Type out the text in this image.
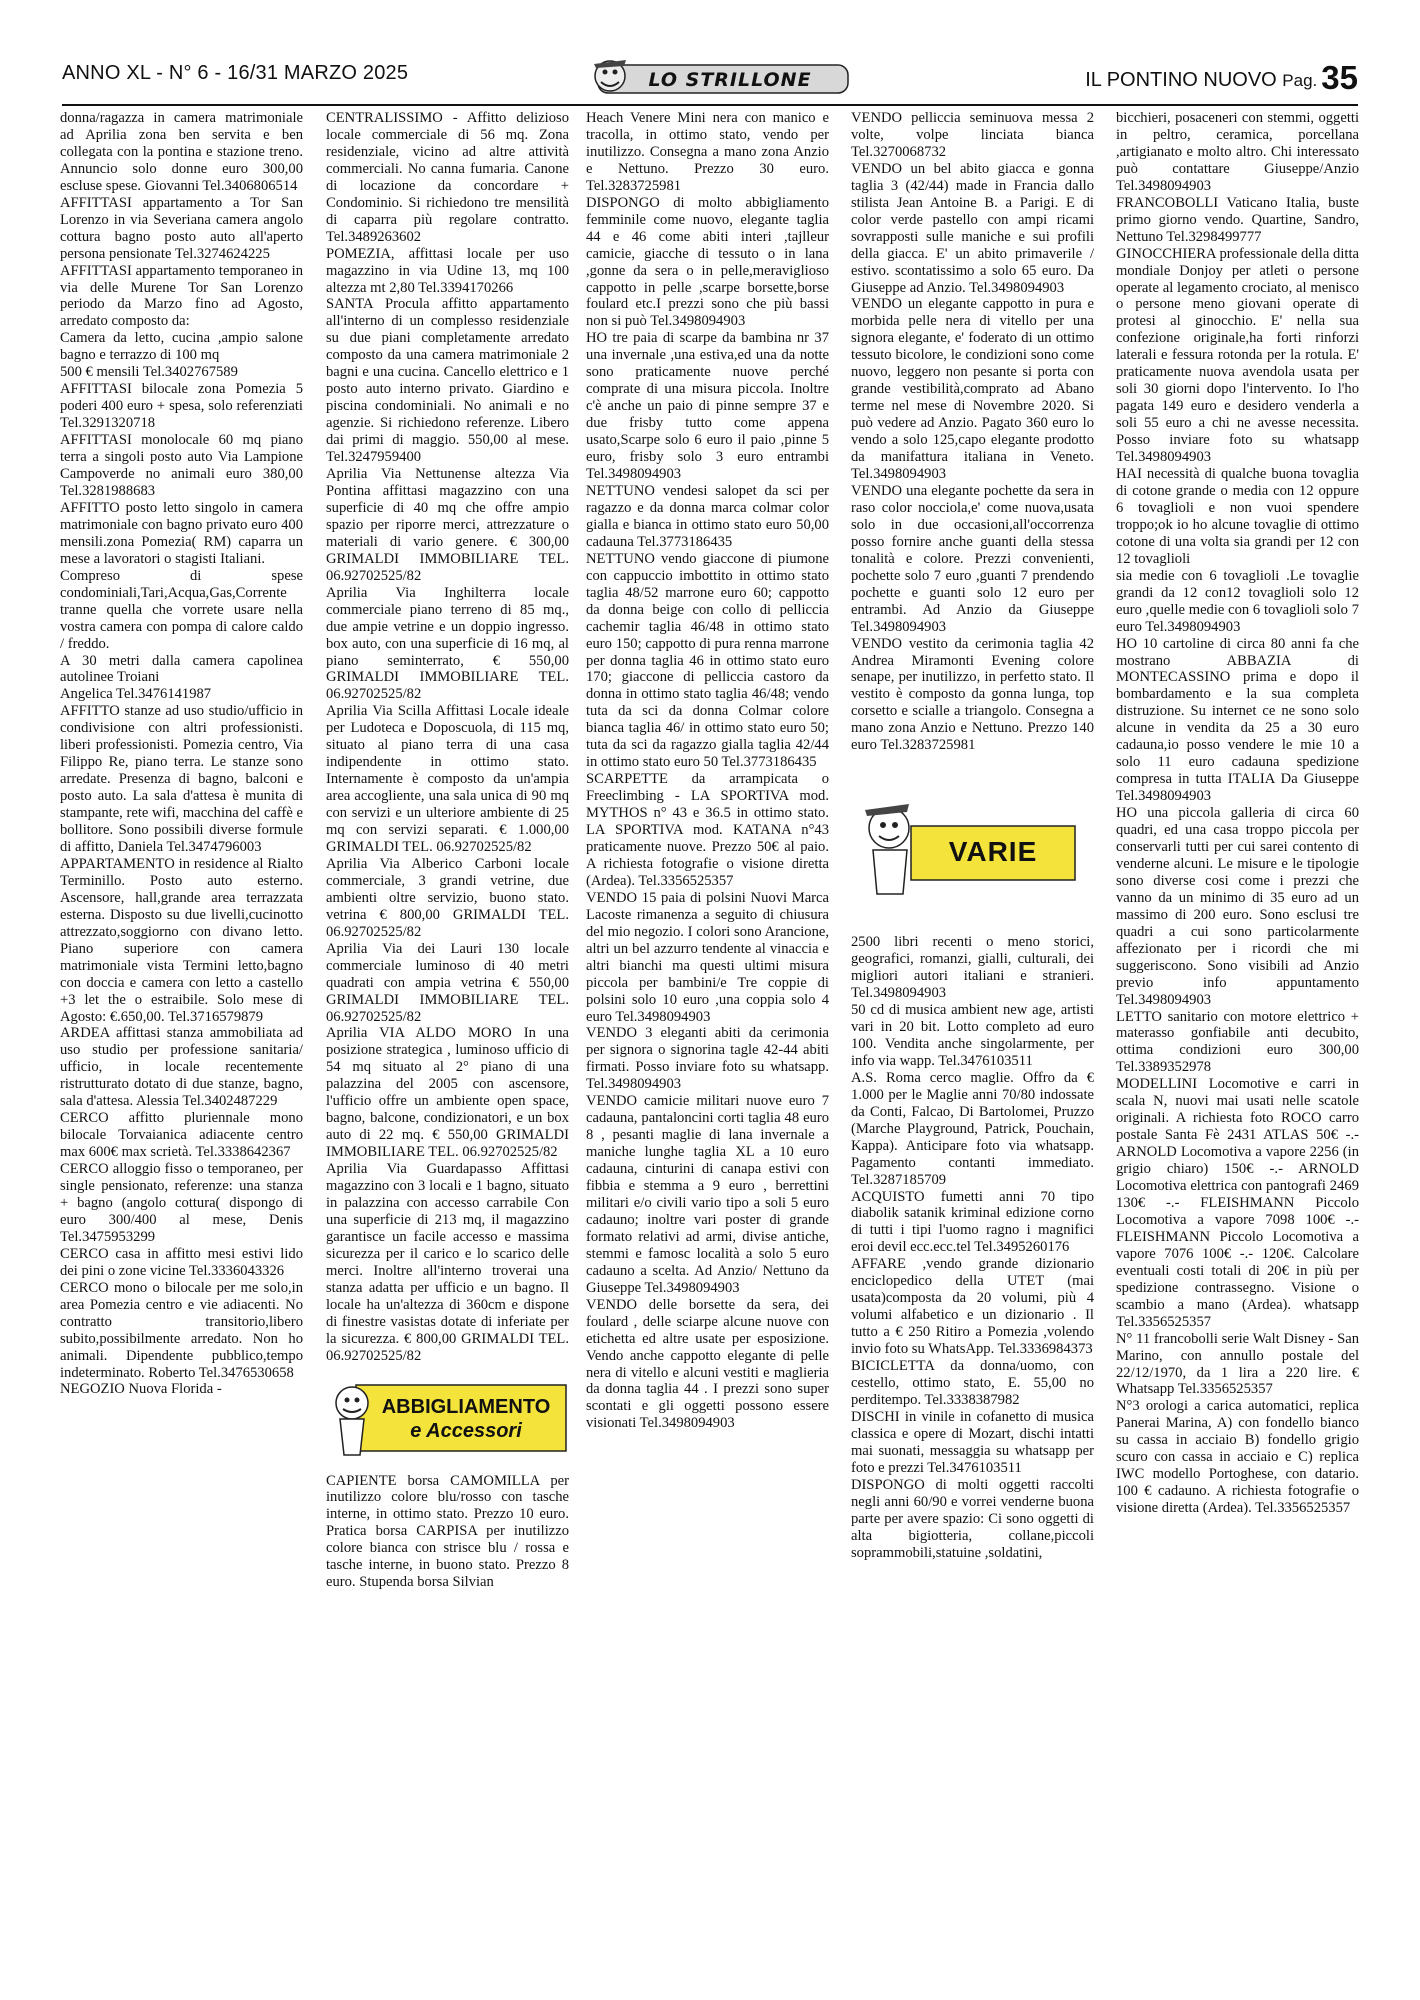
ANNO XL - N° 6 - 16/31 MARZO 2025	LO STRILLONE	IL PONTINO NUOVO Pag. 35

donna/ragazza in camera matrimoniale ad Aprilia zona ben servita e ben collegata con la pontina e stazione treno. Annuncio solo donne euro 300,00 escluse spese. Giovanni Tel.3406806514

AFFITTASI appartamento a Tor San Lorenzo in via Severiana camera angolo cottura bagno posto auto all'aperto persona pensionate Tel.3274624225

AFFITTASI appartamento temporaneo in via delle Murene Tor San Lorenzo periodo da Marzo fino ad Agosto, arredato composto da:

Camera da letto, cucina ,ampio salone bagno e terrazzo di 100 mq

500 € mensili Tel.3402767589

AFFITTASI bilocale zona Pomezia 5 poderi 400 euro + spesa, solo referenziati Tel.3291320718

AFFITTASI monolocale 60 mq piano terra a singoli posto auto Via Lampione Campoverde no animali euro 380,00 Tel.3281988683

AFFITTO posto letto singolo in camera matrimoniale con bagno privato euro 400 mensili.zona Pomezia( RM) caparra un mese a lavoratori o stagisti Italiani.

Compreso di spese condominiali,Tari,Acqua,Gas,Corrente tranne quella che vorrete usare nella vostra camera con pompa di calore caldo / freddo.

A 30 metri dalla camera capolinea autolinee Troiani

Angelica Tel.3476141987

AFFITTO stanze ad uso studio/ufficio in condivisione con altri professionisti. liberi professionisti. Pomezia centro, Via Filippo Re, piano terra. Le stanze sono arredate. Presenza di bagno, balconi e posto auto. La sala d'attesa è munita di stampante, rete wifi, macchina del caffè e bollitore. Sono possibili diverse formule di affitto, Daniela Tel.3474796003

APPARTAMENTO in residence al Rialto Terminillo. Posto auto esterno. Ascensore, hall,grande area terrazzata esterna. Disposto su due livelli,cucinotto attrezzato,soggiorno con divano letto. Piano superiore con camera matrimoniale vista Termini letto,bagno con doccia e camera con letto a castello +3 let the o estraibile. Solo mese di Agosto: €.650,00. Tel.3716579879

ARDEA affittasi stanza ammobiliata ad uso studio per professione sanitaria/ ufficio, in locale recentemente ristrutturato dotato di due stanze, bagno, sala d'attesa. Alessia Tel.3402487229

CERCO affitto pluriennale mono bilocale Torvaianica adiacente centro max 600€ max scrietà. Tel.3338642367

CERCO alloggio fisso o temporaneo, per single pensionato, referenze: una stanza + bagno (angolo cottura( dispongo di euro 300/400 al mese, Denis Tel.3475953299

CERCO casa in affitto mesi estivi lido dei pini o zone vicine Tel.3336043326

CERCO mono o bilocale per me solo,in area Pomezia centro e vie adiacenti. No contratto transitorio,libero subito,possibilmente arredato. Non ho animali. Dipendente pubblico,tempo indeterminato. Roberto Tel.3476530658

NEGOZIO Nuova Florida -

CENTRALISSIMO - Affitto delizioso locale commerciale di 56 mq. Zona residenziale, vicino ad altre attività commerciali. No canna fumaria. Canone di locazione da concordare + Condominio. Si richiedono tre mensilità di caparra più regolare contratto. Tel.3489263602

POMEZIA, affittasi locale per uso magazzino in via Udine 13, mq 100 altezza mt 2,80 Tel.3394170266

SANTA Procula affitto appartamento all'interno di un complesso residenziale su due piani completamente arredato composto da una camera matrimoniale 2 bagni e una cucina. Cancello elettrico e 1 posto auto interno privato. Giardino e piscina condominiali. No animali e no agenzie. Si richiedono referenze. Libero dai primi di maggio. 550,00 al mese. Tel.3247959400

Aprilia Via Nettunense altezza Via Pontina affittasi magazzino con una superficie di 40 mq che offre ampio spazio per riporre merci, attrezzature o materiali di vario genere. € 300,00 GRIMALDI IMMOBILIARE TEL. 06.92702525/82

Aprilia Via Inghilterra locale commerciale piano terreno di 85 mq., due ampie vetrine e un doppio ingresso. box auto, con una superficie di 16 mq, al piano seminterrato, € 550,00 GRIMALDI IMMOBILIARE TEL. 06.92702525/82

Aprilia Via Scilla Affittasi Locale ideale per Ludoteca e Doposcuola, di 115 mq, situato al piano terra di una casa indipendente in ottimo stato. Internamente è composto da un'ampia area accogliente, una sala unica di 90 mq con servizi e un ulteriore ambiente di 25 mq con servizi separati. € 1.000,00 GRIMALDI TEL. 06.92702525/82

Aprilia Via Alberico Carboni locale commerciale, 3 grandi vetrine, due ambienti oltre servizio, buono stato. vetrina € 800,00 GRIMALDI TEL. 06.92702525/82

Aprilia Via dei Lauri 130 locale commerciale luminoso di 40 metri quadrati con ampia vetrina € 550,00 GRIMALDI IMMOBILIARE TEL. 06.92702525/82

Aprilia VIA ALDO MORO In una posizione strategica , luminoso ufficio di 54 mq situato al 2° piano di una palazzina del 2005 con ascensore, l'ufficio offre un ambiente open space, bagno, balcone, condizionatori, e un box auto di 22 mq. € 550,00 GRIMALDI IMMOBILIARE TEL. 06.92702525/82

Aprilia Via Guardapasso Affittasi magazzino con 3 locali e 1 bagno, situato in palazzina con accesso carrabile Con una superficie di 213 mq, il magazzino garantisce un facile accesso e massima sicurezza per il carico e lo scarico delle merci. Inoltre all'interno troverai una stanza adatta per ufficio e un bagno. Il locale ha un'altezza di 360cm e dispone di finestre vasistas dotate di inferiate per la sicurezza. € 800,00 GRIMALDI TEL. 06.92702525/82

ABBIGLIAMENTO
e Accessori

CAPIENTE borsa CAMOMILLA per inutilizzo colore blu/rosso con tasche interne, in ottimo stato. Prezzo 10 euro. Pratica borsa CARPISA per inutilizzo colore bianca con strisce blu / rossa e tasche interne, in buono stato. Prezzo 8 euro. Stupenda borsa Silvian

Heach Venere Mini nera con manico e tracolla, in ottimo stato, vendo per inutilizzo. Consegna a mano zona Anzio e Nettuno. Prezzo 30 euro. Tel.3283725981

DISPONGO di molto abbigliamento femminile come nuovo, elegante taglia 44 e 46 come abiti interi ,tajlleur camicie, giacche di tessuto o in lana ,gonne da sera o in pelle,meraviglioso cappotto in pelle ,scarpe borsette,borse foulard etc.I prezzi sono che più bassi non si può Tel.3498094903

HO tre paia di scarpe da bambina nr 37 una invernale ,una estiva,ed una da notte sono praticamente nuove perché comprate di una misura piccola. Inoltre c'è anche un paio di pinne sempre 37 e due frisby tutto come appena usato,Scarpe solo 6 euro il paio ,pinne 5 euro, frisby solo 3 euro entrambi Tel.3498094903

NETTUNO vendesi salopet da sci per ragazzo e da donna marca colmar color gialla e bianca in ottimo stato euro 50,00 cadauna Tel.3773186435

NETTUNO vendo giaccone di piumone con cappuccio imbottito in ottimo stato taglia 48/52 marrone euro 60; cappotto da donna beige con collo di pelliccia cachemir taglia 46/48 in ottimo stato euro 150; cappotto di pura renna marrone per donna taglia 46 in ottimo stato euro 170; giaccone di pelliccia castoro da donna in ottimo stato taglia 46/48; vendo tuta da sci da donna Colmar colore bianca taglia 46/ in ottimo stato euro 50; tuta da sci da ragazzo gialla taglia 42/44 in ottimo stato euro 50 Tel.3773186435

SCARPETTE da arrampicata o Freeclimbing - LA SPORTIVA mod. MYTHOS n° 43 e 36.5 in ottimo stato. LA SPORTIVA mod. KATANA n°43 praticamente nuove. Prezzo 50€ al paio. A richiesta fotografie o visione diretta (Ardea). Tel.3356525357

VENDO 15 paia di polsini Nuovi Marca Lacoste rimanenza a seguito di chiusura del mio negozio. I colori sono Arancione, altri un bel azzurro tendente al vinaccia e altri bianchi ma questi ultimi misura piccola per bambini/e Tre coppie di polsini solo 10 euro ,una coppia solo 4 euro Tel.3498094903

VENDO 3 eleganti abiti da cerimonia per signora o signorina tagle 42-44 abiti firmati. Posso inviare foto su whatsapp. Tel.3498094903

VENDO camicie militari nuove euro 7 cadauna, pantaloncini corti taglia 48 euro 8 , pesanti maglie di lana invernale a maniche lunghe taglia XL a 10 euro cadauna, cinturini di canapa estivi con fibbia e stemma a 9 euro , berrettini militari e/o civili vario tipo a soli 5 euro cadauno; inoltre vari poster di grande formato relativi ad armi, divise antiche, stemmi e famosc località a solo 5 euro cadauno a scelta. Ad Anzio/ Nettuno da Giuseppe Tel.3498094903

VENDO delle borsette da sera, dei foulard , delle sciarpe alcune nuove con etichetta ed altre usate per esposizione. Vendo anche cappotto elegante di pelle nera di vitello e alcuni vestiti e maglieria da donna taglia 44 . I prezzi sono super scontati e gli oggetti possono essere visionati Tel.3498094903

VENDO pelliccia seminuova messa 2 volte, volpe linciata bianca Tel.3270068732

VENDO un bel abito giacca e gonna taglia 3 (42/44) made in Francia dallo stilista Jean Antoine B. a Parigi. E di color verde pastello con ampi ricami sovrapposti sulle maniche e sui profili della giacca. E' un abito primaverile / estivo. scontatissimo a solo 65 euro. Da Giuseppe ad Anzio. Tel.3498094903

VENDO un elegante cappotto in pura e morbida pelle nera di vitello per una signora elegante, e' foderato di un ottimo tessuto bicolore, le condizioni sono come nuovo, leggero non pesante si porta con grande vestibilità,comprato ad Abano terme nel mese di Novembre 2020. Si può vedere ad Anzio. Pagato 360 euro lo vendo a solo 125,capo elegante prodotto da manifattura italiana in Veneto. Tel.3498094903

VENDO una elegante pochette da sera in raso color nocciola,e' come nuova,usata solo in due occasioni,all'occorrenza posso fornire anche guanti della stessa tonalità e colore. Prezzi convenienti, pochette solo 7 euro ,guanti 7 prendendo pochette e guanti solo 12 euro per entrambi. Ad Anzio da Giuseppe Tel.3498094903

VENDO vestito da cerimonia taglia 42 Andrea Miramonti Evening colore senape, per inutilizzo, in perfetto stato. Il vestito è composto da gonna lunga, top corsetto e scialle a triangolo. Consegna a mano zona Anzio e Nettuno. Prezzo 140 euro Tel.3283725981

VARIE

2500 libri recenti o meno storici, geografici, romanzi, gialli, culturali, dei migliori autori italiani e stranieri. Tel.3498094903

50 cd di musica ambient new age, artisti vari in 20 bit. Lotto completo ad euro 100. Vendita anche singolarmente, per info via wapp. Tel.3476103511

A.S. Roma cerco maglie. Offro da € 1.000 per le Maglie anni 70/80 indossate da Conti, Falcao, Di Bartolomei, Pruzzo (Marche Playground, Patrick, Pouchain, Kappa). Anticipare foto via whatsapp. Pagamento contanti immediato. Tel.3287185709

ACQUISTO fumetti anni 70 tipo diabolik satanik kriminal edizione corno di tutti i tipi l'uomo ragno i magnifici eroi devil ecc.ecc.tel Tel.3495260176

AFFARE ,vendo grande dizionario enciclopedico della UTET (mai usata)composta da 20 volumi, più 4 volumi alfabetico e un dizionario . Il tutto a € 250 Ritiro a Pomezia ,volendo invio foto su WhatsApp. Tel.3336984373

BICICLETTA da donna/uomo, con cestello, ottimo stato, E. 55,00 no perditempo. Tel.3338387982

DISCHI in vinile in cofanetto di musica classica e opere di Mozart, dischi intatti mai suonati, messaggia su whatsapp per foto e prezzi Tel.3476103511

DISPONGO di molti oggetti raccolti negli anni 60/90 e vorrei venderne buona parte per avere spazio: Ci sono oggetti di alta bigiotteria, collane,piccoli soprammobili,statuine ,soldatini,

bicchieri, posaceneri con stemmi, oggetti in peltro, ceramica, porcellana ,artigianato e molto altro. Chi interessato può contattare Giuseppe/Anzio Tel.3498094903

FRANCOBOLLI Vaticano Italia, buste primo giorno vendo. Quartine, Sandro, Nettuno Tel.3298499777

GINOCCHIERA professionale della ditta mondiale Donjoy per atleti o persone operate al legamento crociato, al menisco o persone meno giovani operate di protesi al ginocchio. E' nella sua confezione originale,ha forti rinforzi laterali e fessura rotonda per la rotula. E' praticamente nuova avendola usata per soli 30 giorni dopo l'intervento. Io l'ho pagata 149 euro e desidero venderla a soli 55 euro a chi ne avesse necessita. Posso inviare foto su whatsapp Tel.3498094903

HAI necessità di qualche buona tovaglia di cotone grande o media con 12 oppure 6 tovaglioli e non vuoi spendere troppo;ok io ho alcune tovaglie di ottimo cotone di una volta sia grandi per 12 con 12 tovaglioli

sia medie con 6 tovaglioli .Le tovaglie grandi da 12 con12 tovaglioli solo 12 euro ,quelle medie con 6 tovaglioli solo 7 euro Tel.3498094903

HO 10 cartoline di circa 80 anni fa che mostrano ABBAZIA di MONTECASSINO prima e dopo il bombardamento e la sua completa distruzione. Su internet ce ne sono solo alcune in vendita da 25 a 30 euro cadauna,io posso vendere le mie 10 a solo 11 euro cadauna spedizione compresa in tutta ITALIA Da Giuseppe Tel.3498094903

HO una piccola galleria di circa 60 quadri, ed una casa troppo piccola per conservarli tutti per cui sarei contento di venderne alcuni. Le misure e le tipologie sono diverse cosi come i prezzi che vanno da un minimo di 35 euro ad un massimo di 200 euro. Sono esclusi tre quadri a cui sono particolarmente affezionato per i ricordi che mi suggeriscono. Sono visibili ad Anzio previo info appuntamento Tel.3498094903

LETTO sanitario con motore elettrico + materasso gonfiabile anti decubito, ottima condizioni euro 300,00 Tel.3389352978

MODELLINI Locomotive e carri in scala N, nuovi mai usati nelle scatole originali. A richiesta foto ROCO carro postale Santa Fè 2431 ATLAS 50€ -.- ARNOLD Locomotiva a vapore 2256 (in grigio chiaro) 150€ -.- ARNOLD Locomotiva elettrica con pantografi 2469 130€ -.- FLEISHMANN Piccolo Locomotiva a vapore 7098 100€ -.- FLEISHMANN Piccolo Locomotiva a vapore 7076 100€ -.- 120€. Calcolare eventuali costi totali di 20€ in più per spedizione contrassegno. Visione o scambio a mano (Ardea). whatsapp Tel.3356525357

N° 11 francobolli serie Walt Disney - San Marino, con annullo postale del 22/12/1970, da 1 lira a 220 lire. € Whatsapp Tel.3356525357

N°3 orologi a carica automatici, replica Panerai Marina, A) con fondello bianco su cassa in acciaio B) fondello grigio scuro con cassa in acciaio e C) replica IWC modello Portoghese, con datario. 100 € cadauno. A richiesta fotografie o visione diretta (Ardea). Tel.3356525357
